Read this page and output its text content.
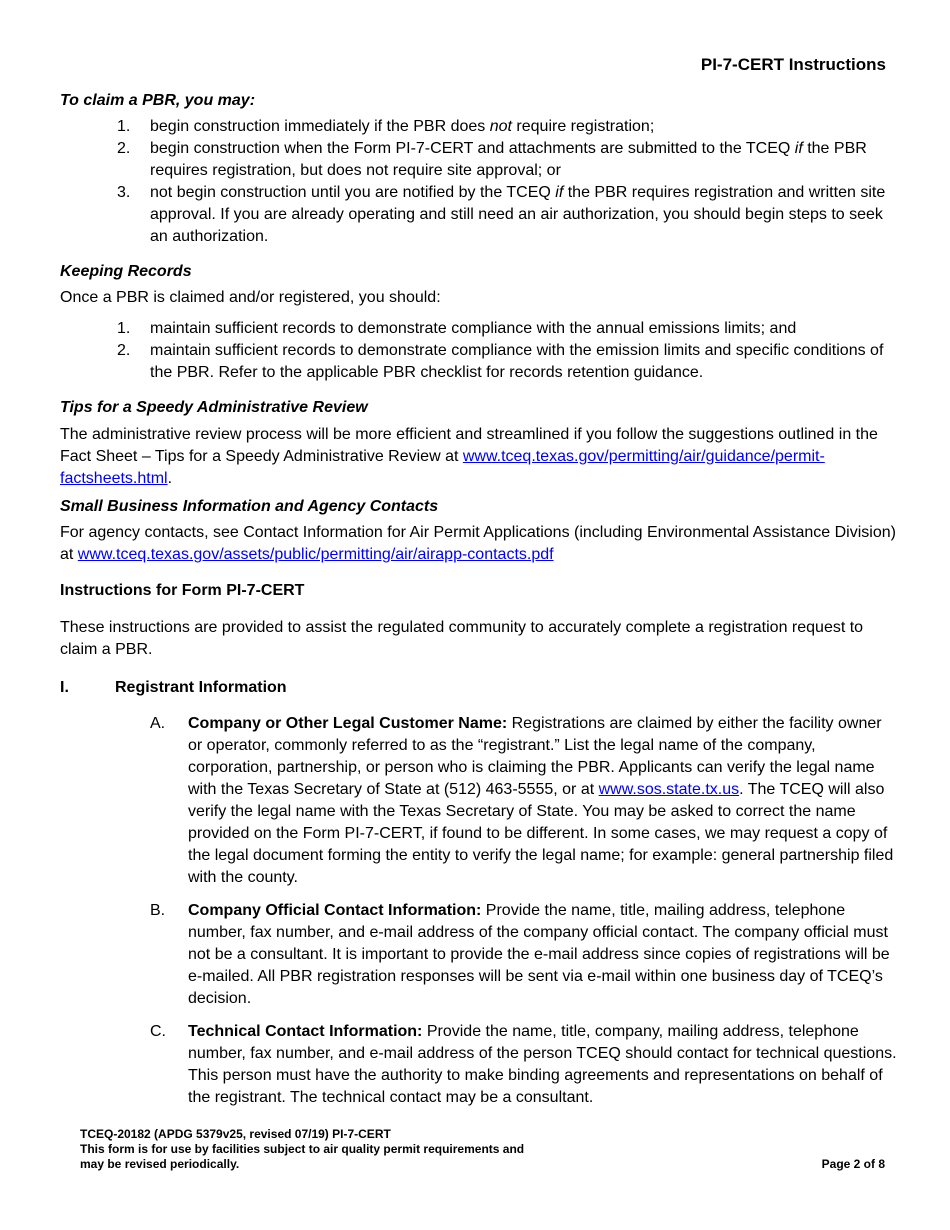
PI-7-CERT Instructions
To claim a PBR, you may:
1. begin construction immediately if the PBR does not require registration;
2. begin construction when the Form PI-7-CERT and attachments are submitted to the TCEQ if the PBR requires registration, but does not require site approval; or
3. not begin construction until you are notified by the TCEQ if the PBR requires registration and written site approval. If you are already operating and still need an air authorization, you should begin steps to seek an authorization.
Keeping Records

Once a PBR is claimed and/or registered, you should:

1. maintain sufficient records to demonstrate compliance with the annual emissions limits; and
2. maintain sufficient records to demonstrate compliance with the emission limits and specific conditions of the PBR. Refer to the applicable PBR checklist for records retention guidance.
Tips for a Speedy Administrative Review

The administrative review process will be more efficient and streamlined if you follow the suggestions outlined in the Fact Sheet – Tips for a Speedy Administrative Review at www.tceq.texas.gov/permitting/air/guidance/permit-factsheets.html.

Small Business Information and Agency Contacts

For agency contacts, see Contact Information for Air Permit Applications (including Environmental Assistance Division) at www.tceq.texas.gov/assets/public/permitting/air/airapp-contacts.pdf

Instructions for Form PI-7-CERT

These instructions are provided to assist the regulated community to accurately complete a registration request to claim a PBR.

I.	Registrant Information
A. Company or Other Legal Customer Name: Registrations are claimed by either the facility owner or operator, commonly referred to as the “registrant.” List the legal name of the company, corporation, partnership, or person who is claiming the PBR. Applicants can verify the legal name with the Texas Secretary of State at (512) 463-5555, or at www.sos.state.tx.us. The TCEQ will also verify the legal name with the Texas Secretary of State. You may be asked to correct the name provided on the Form PI-7-CERT, if found to be different. In some cases, we may request a copy of the legal document forming the entity to verify the legal name; for example: general partnership filed with the county.
B. Company Official Contact Information: Provide the name, title, mailing address, telephone number, fax number, and e-mail address of the company official contact. The company official must not be a consultant. It is important to provide the e-mail address since copies of registrations will be e-mailed. All PBR registration responses will be sent via e-mail within one business day of TCEQ’s decision.
C. Technical Contact Information: Provide the name, title, company, mailing address, telephone number, fax number, and e-mail address of the person TCEQ should contact for technical questions. This person must have the authority to make binding agreements and representations on behalf of the registrant. The technical contact may be a consultant.
TCEQ-20182 (APDG 5379v25, revised 07/19) PI-7-CERT
This form is for use by facilities subject to air quality permit requirements and
may be revised periodically.	Page 2 of 8
